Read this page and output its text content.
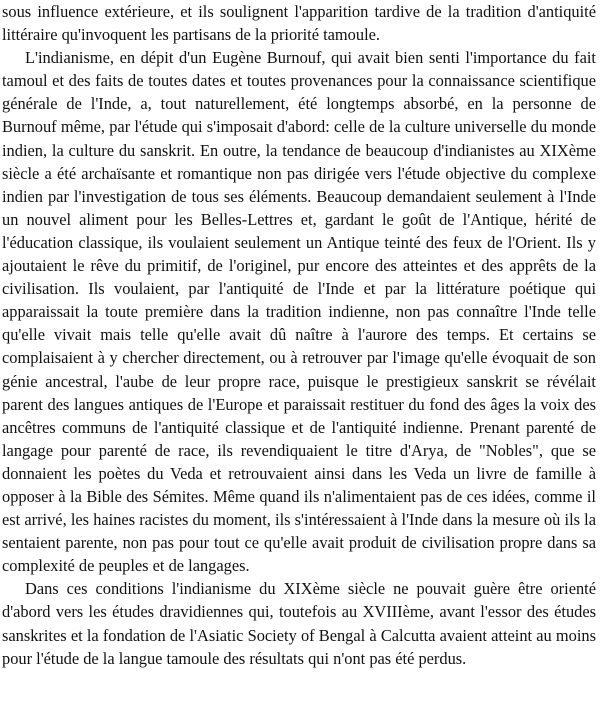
sous influence extérieure, et ils soulignent l'apparition tardive de la tradition d'antiquité littéraire qu'invoquent les partisans de la priorité tamoule.

L'indianisme, en dépit d'un Eugène Burnouf, qui avait bien senti l'importance du fait tamoul et des faits de toutes dates et toutes provenances pour la connaissance scientifique générale de l'Inde, a, tout naturellement, été longtemps absorbé, en la personne de Burnouf même, par l'étude qui s'imposait d'abord: celle de la culture universelle du monde indien, la culture du sanskrit. En outre, la tendance de beaucoup d'indianistes au XIXème siècle a été archaïsante et romantique non pas dirigée vers l'étude objective du complexe indien par l'investigation de tous ses éléments. Beaucoup demandaient seulement à l'Inde un nouvel aliment pour les Belles-Lettres et, gardant le goût de l'Antique, hérité de l'éducation classique, ils voulaient seulement un Antique teinté des feux de l'Orient. Ils y ajoutaient le rêve du primitif, de l'originel, pur encore des atteintes et des apprêts de la civilisation. Ils voulaient, par l'antiquité de l'Inde et par la littérature poétique qui apparaissait la toute première dans la tradition indienne, non pas connaître l'Inde telle qu'elle vivait mais telle qu'elle avait dû naître à l'aurore des temps. Et certains se complaisaient à y chercher directement, ou à retrouver par l'image qu'elle évoquait de son génie ancestral, l'aube de leur propre race, puisque le prestigieux sanskrit se révélait parent des langues antiques de l'Europe et paraissait restituer du fond des âges la voix des ancêtres communs de l'antiquité classique et de l'antiquité indienne. Prenant parenté de langage pour parenté de race, ils revendiquaient le titre d'Arya, de "Nobles", que se donnaient les poètes du Veda et retrouvaient ainsi dans les Veda un livre de famille à opposer à la Bible des Sémites. Même quand ils n'alimentaient pas de ces idées, comme il est arrivé, les haines racistes du moment, ils s'intéressaient à l'Inde dans la mesure où ils la sentaient parente, non pas pour tout ce qu'elle avait produit de civilisation propre dans sa complexité de peuples et de langages.

Dans ces conditions l'indianisme du XIXème siècle ne pouvait guère être orienté d'abord vers les études dravidiennes qui, toutefois au XVIIIème, avant l'essor des études sanskrites et la fondation de l'Asiatic Society of Bengal à Calcutta avaient atteint au moins pour l'étude de la langue tamoule des résultats qui n'ont pas été perdus.
